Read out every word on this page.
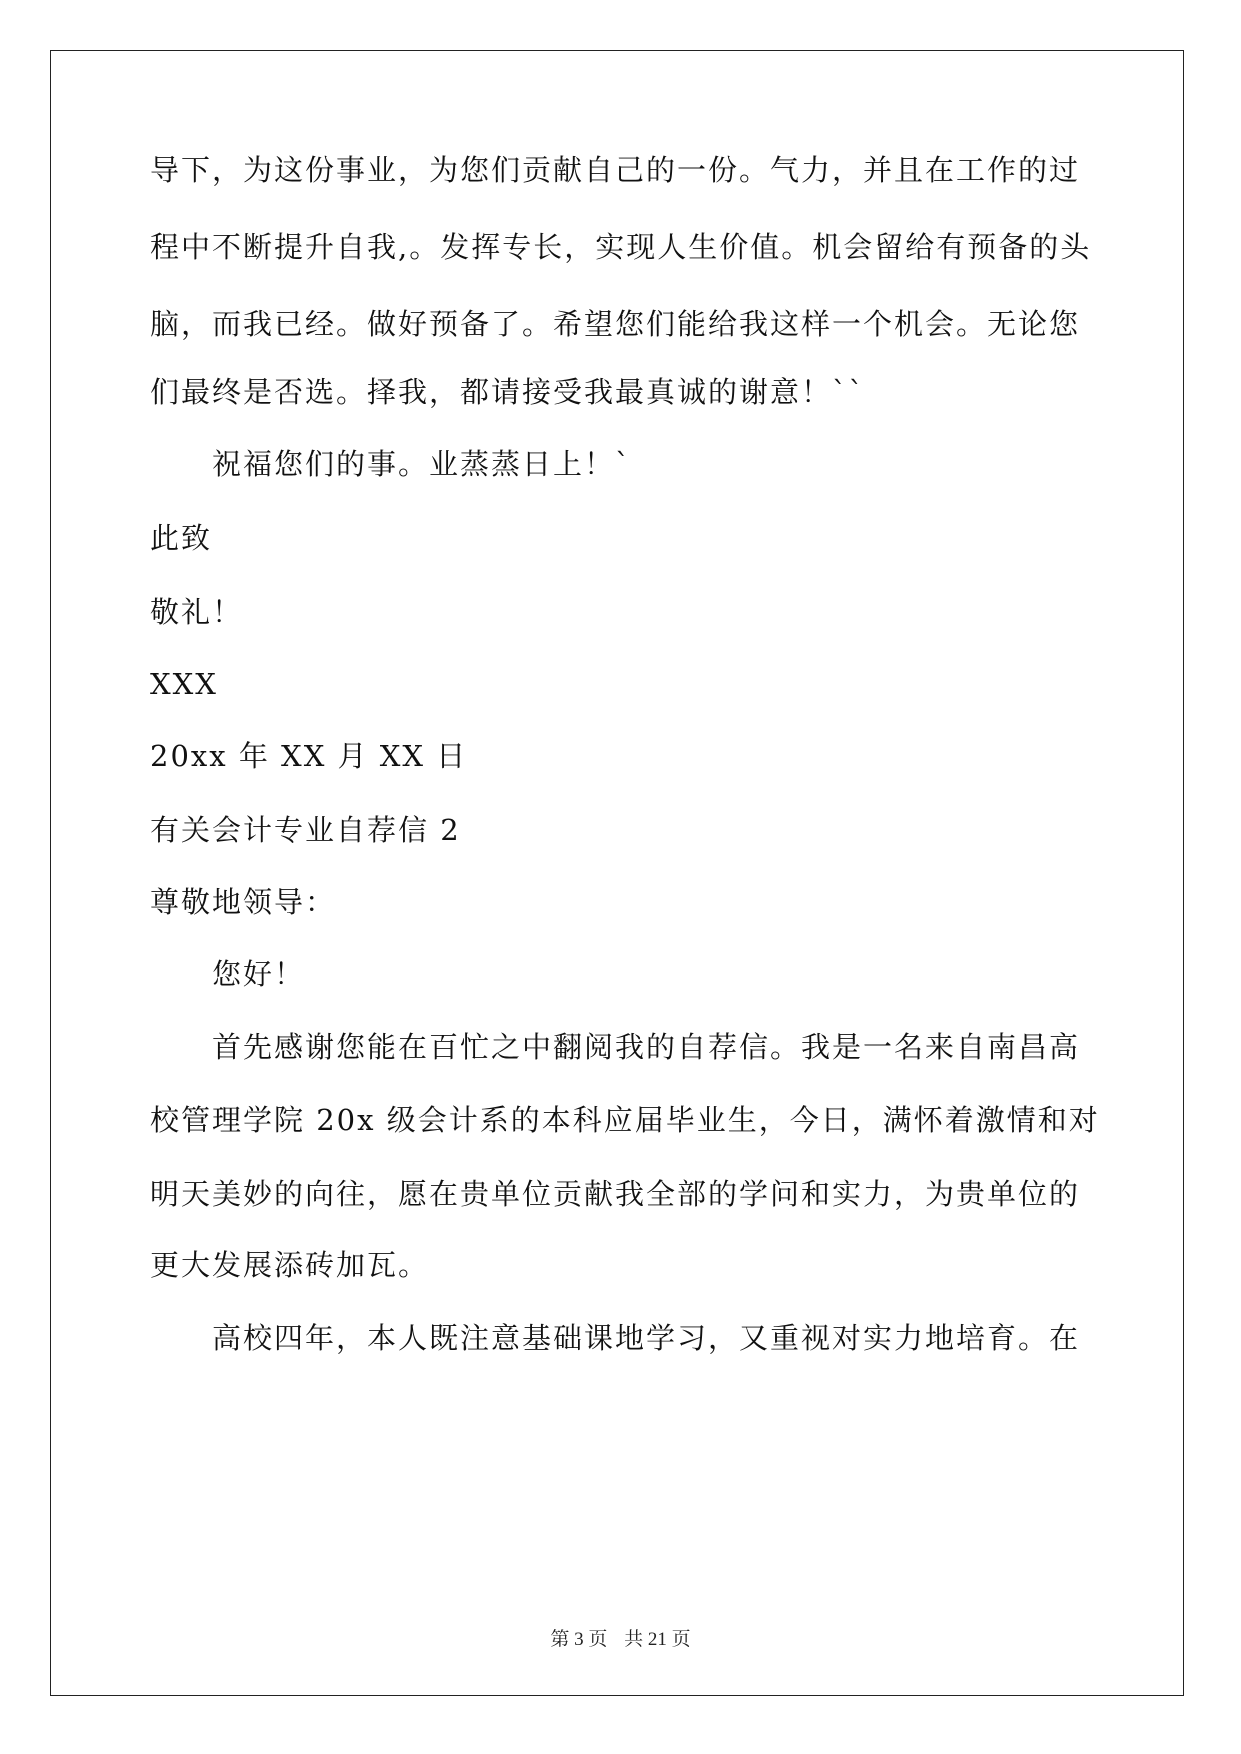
导下，为这份事业，为您们贡献自己的一份。气力，并且在工作的过
程中不断提升自我,。发挥专长，实现人生价值。机会留给有预备的头
脑，而我已经。做好预备了。希望您们能给我这样一个机会。无论您
们最终是否选。择我，都请接受我最真诚的谢意！``
祝福您们的事。业蒸蒸日上！`
此致
敬礼！
XXX
20xx 年 XX 月 XX 日
有关会计专业自荐信 2
尊敬地领导：
您好！
首先感谢您能在百忙之中翻阅我的自荐信。我是一名来自南昌高
校管理学院 20x 级会计系的本科应届毕业生，今日，满怀着激情和对
明天美妙的向往，愿在贵单位贡献我全部的学问和实力，为贵单位的
更大发展添砖加瓦。
高校四年，本人既注意基础课地学习，又重视对实力地培育。在
第 3 页 共 21 页
